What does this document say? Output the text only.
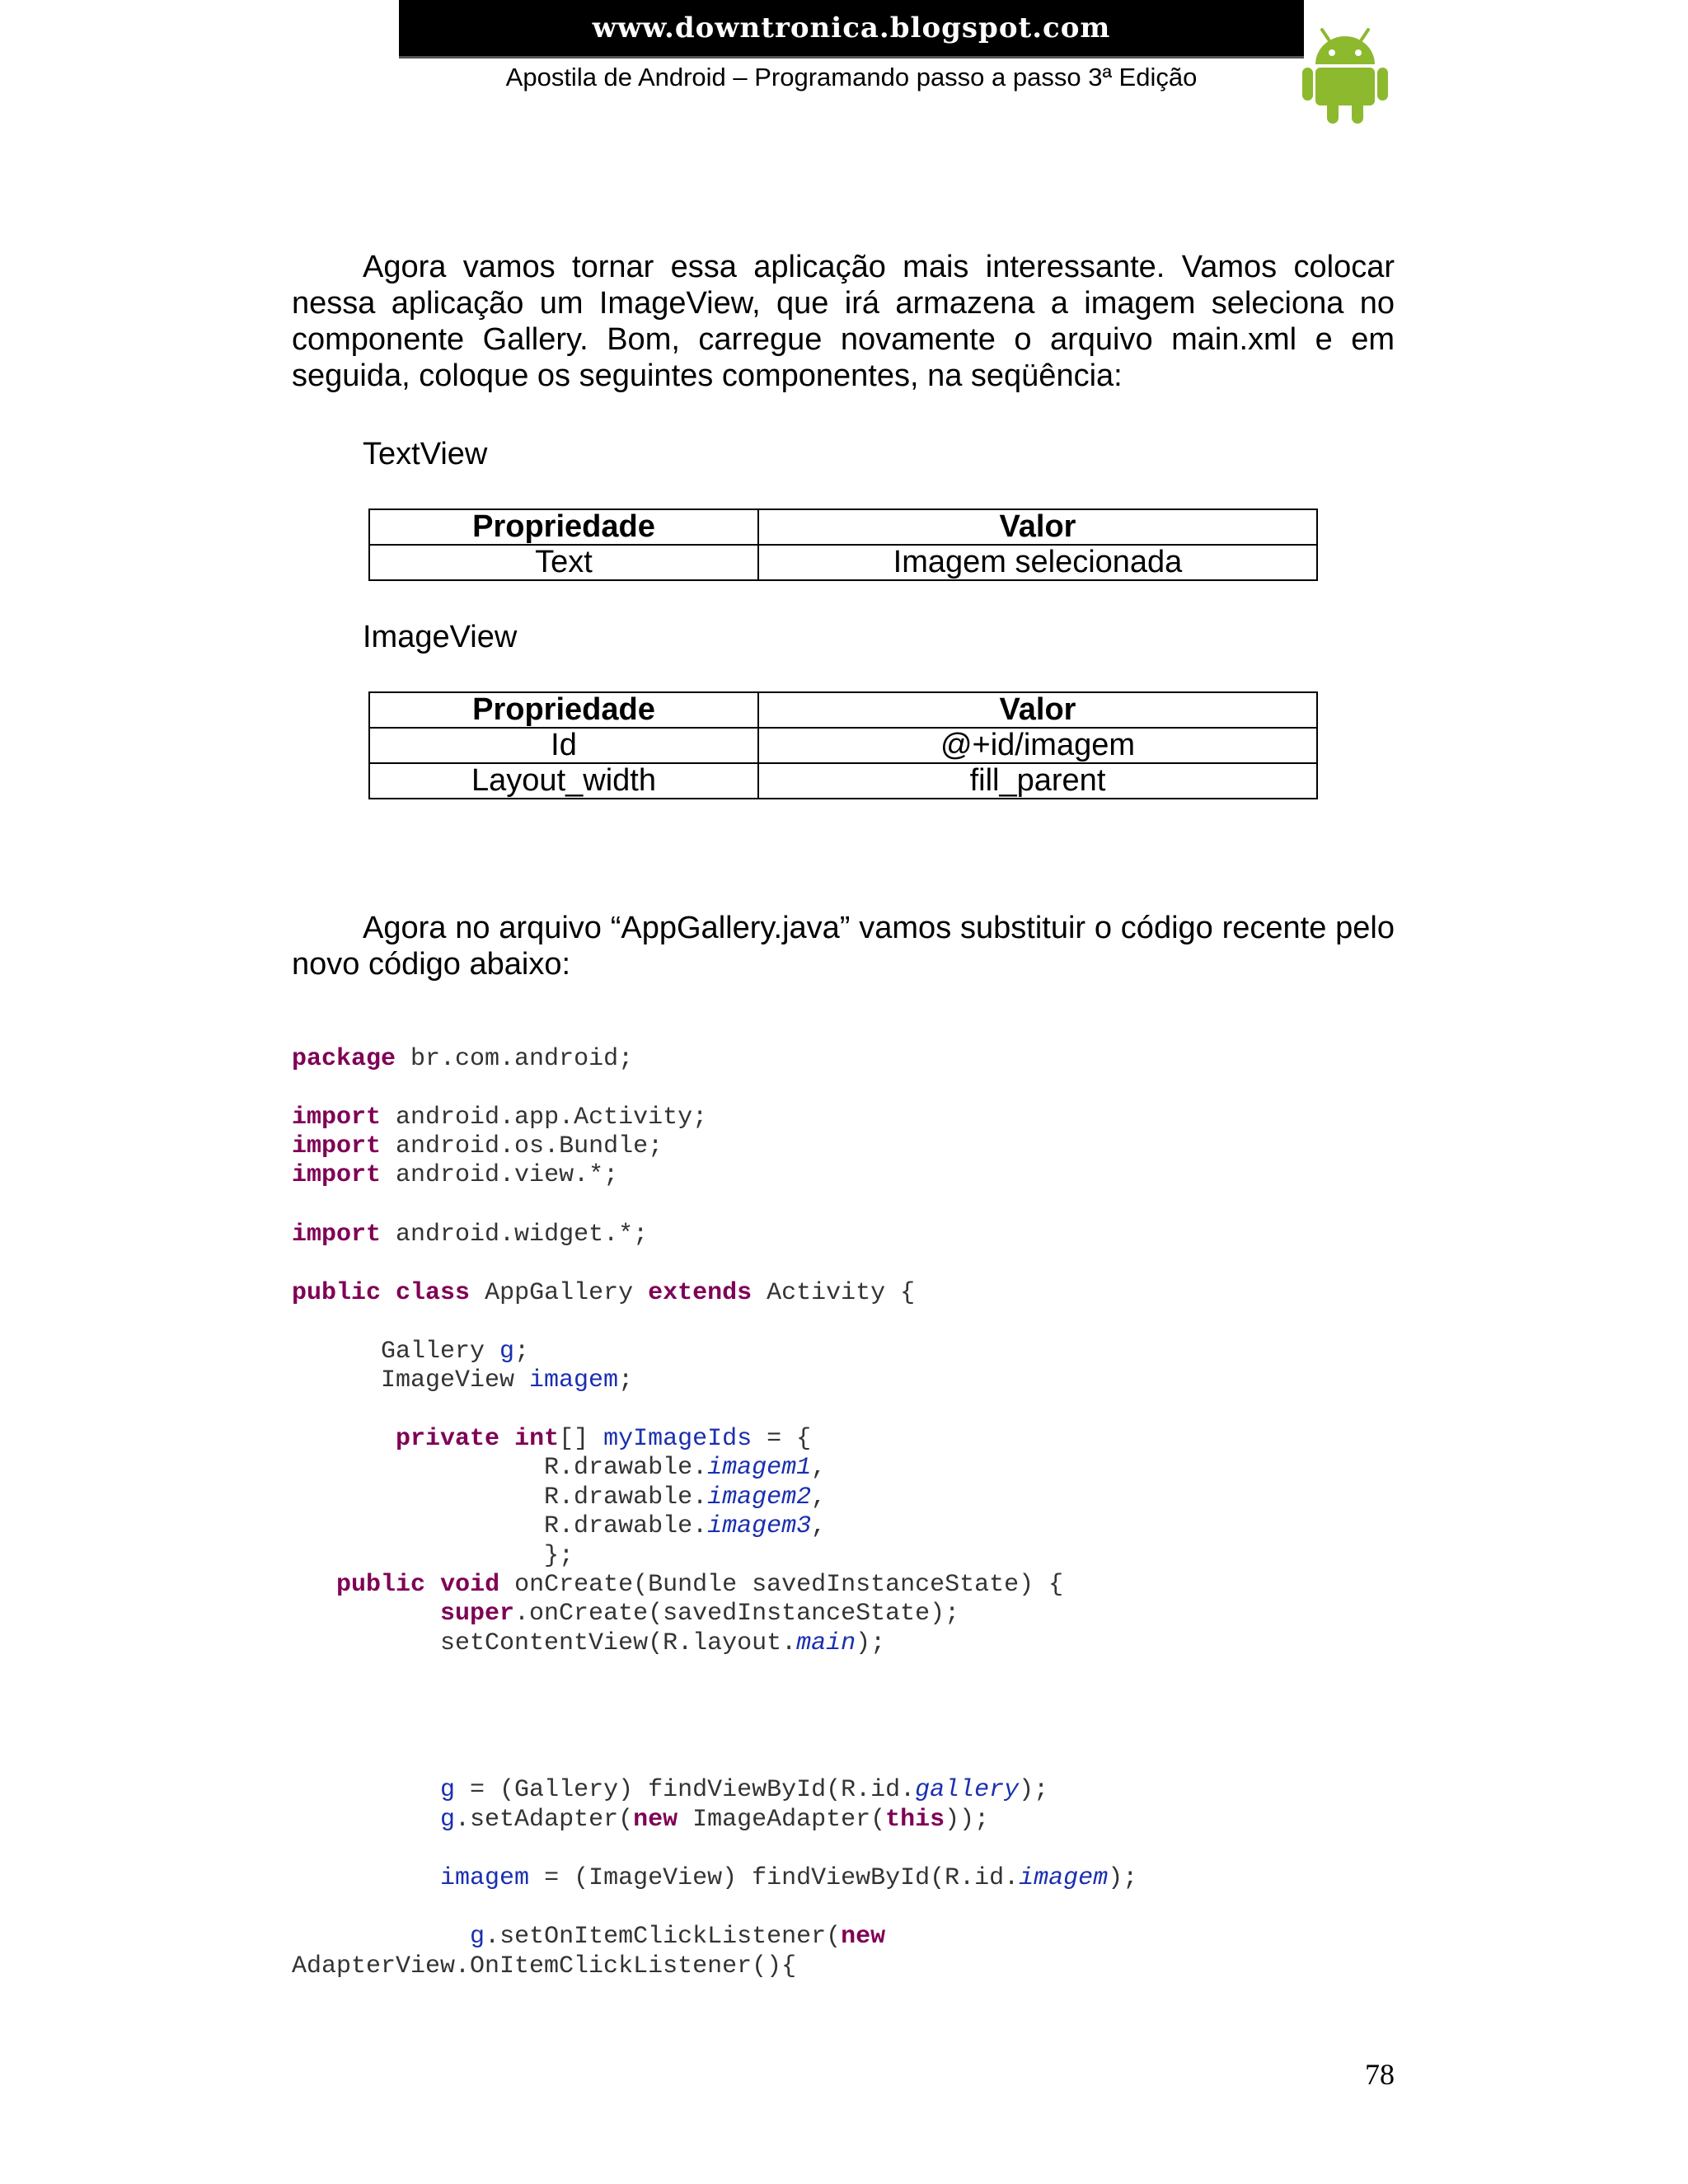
www.downtronica.blogspot.com
Apostila de Android – Programando passo a passo 3ª Edição
Agora vamos tornar essa aplicação mais interessante. Vamos colocar nessa aplicação um ImageView, que irá armazena a imagem seleciona no componente Gallery. Bom, carregue novamente o arquivo main.xml e em seguida, coloque os seguintes componentes, na seqüência:
TextView
Propriedade	Valor
Text	Imagem selecionada
ImageView
Propriedade	Valor
Id	@+id/imagem
Layout_width	fill_parent
Agora no arquivo “AppGallery.java” vamos substituir o código recente pelo novo código abaixo:
package br.com.android;
import android.app.Activity;
import android.os.Bundle;
import android.view.*;
import android.widget.*;
public class AppGallery extends Activity {
Gallery g;
ImageView imagem;
private int[] myImageIds = {
R.drawable.imagem1,
R.drawable.imagem2,
R.drawable.imagem3,
};
public void onCreate(Bundle savedInstanceState) {
super.onCreate(savedInstanceState);
setContentView(R.layout.main);
g = (Gallery) findViewById(R.id.gallery);
g.setAdapter(new ImageAdapter(this));
imagem = (ImageView) findViewById(R.id.imagem);
g.setOnItemClickListener(new
AdapterView.OnItemClickListener(){
78
